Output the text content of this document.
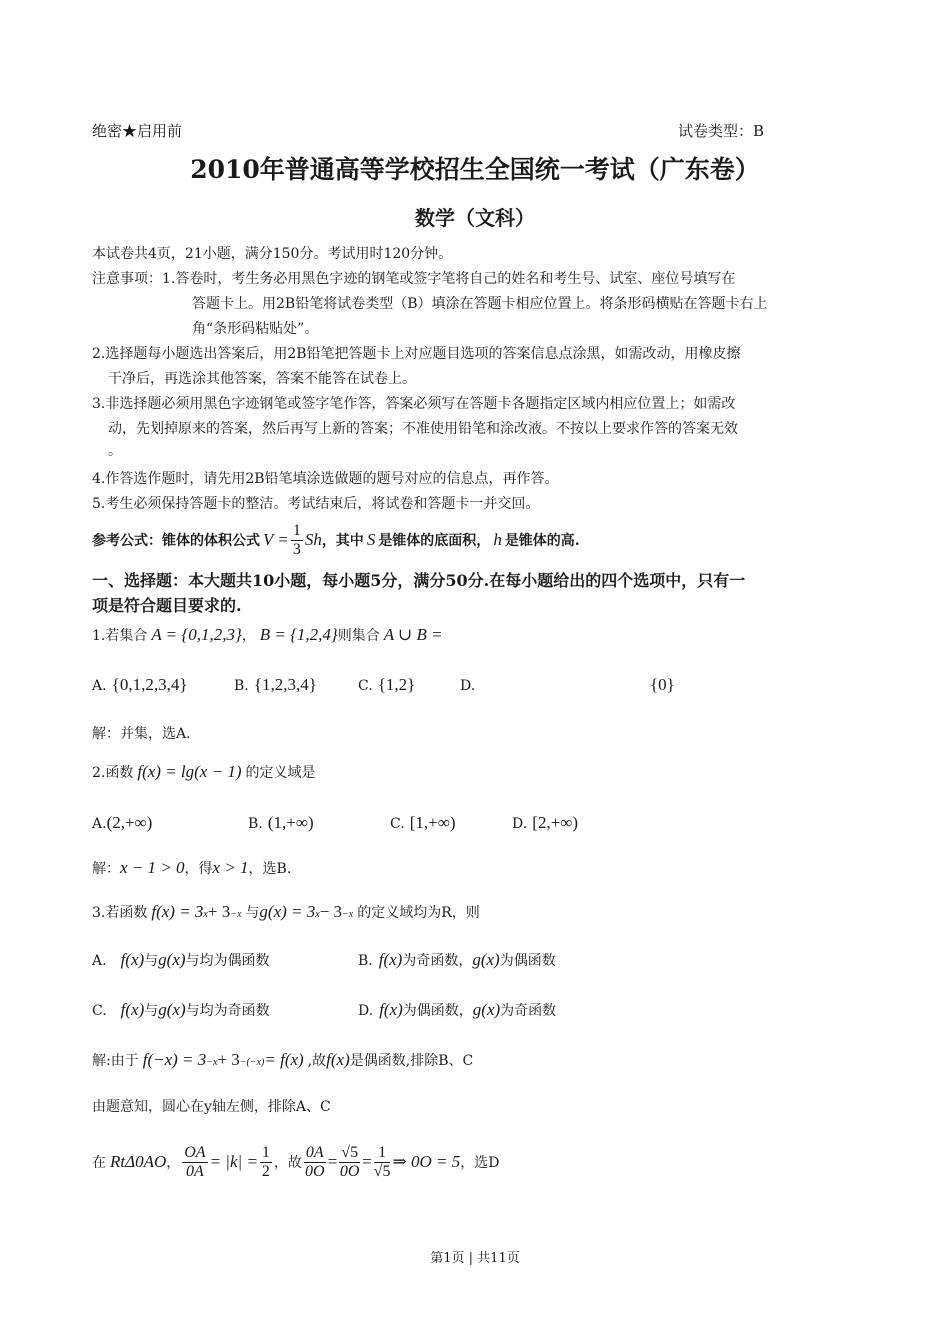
绝密★启用前	试卷类型：B
2010年普通高等学校招生全国统一考试（广东卷）
数学（文科）
本试卷共4页，21小题，满分150分。考试用时120分钟。
注意事项：1.答卷时，考生务必用黑色字迹的钢笔或签字笔将自己的姓名和考生号、试室、座位号填写在
答题卡上。用2B铅笔将试卷类型（B）填涂在答题卡相应位置上。将条形码横贴在答题卡右上
角“条形码粘贴处”。
2.选择题每小题选出答案后，用2B铅笔把答题卡上对应题目选项的答案信息点涂黑，如需改动，用橡皮擦
干净后，再选涂其他答案，答案不能答在试卷上。
3.非选择题必须用黑色字迹钢笔或签字笔作答，答案必须写在答题卡各题指定区域内相应位置上；如需改
动，先划掉原来的答案，然后再写上新的答案；不准使用铅笔和涂改液。不按以上要求作答的答案无效
。
4.作答选作题时，请先用2B铅笔填涂选做题的题号对应的信息点，再作答。
5.考生必须保持答题卡的整洁。考试结束后，将试卷和答题卡一并交回。
参考公式：锥体的体积公式 $V = \frac{1}{3}$ Sh ，其中 S 是锥体的底面积， h 是锥体的高.
一、选择题：本大题共10小题，每小题5分，满分50分.在每小题给出的四个选项中，只有一
项是符合题目要求的.
1.若集合 A = {0,1,2,3} ， B = {1,2,4} 则集合 A ∪ B =
A. {0,1,2,3,4}	B. {1,2,3,4}	C. {1,2}	D.	{0}
解：并集，选A.
2.函数 f(x) = lg(x − 1) 的定义域是
A.(2,+∞)	B. (1,+∞)	C. [1,+∞)	D. [2,+∞)
解： x − 1 > 0 ，得 x > 1 ，选B.
3.若函数 f(x) = 3 x + 3 −x 与 g(x) = 3 x − 3 −x 的定义域均为R，则
A. f(x) 与 g(x) 与均为偶函数	B. f(x) 为奇函数， g(x) 为偶函数
C. f(x) 与 g(x) 与均为奇函数	D. f(x) 为偶函数， g(x) 为奇函数
解:由于 f(−x) = 3 −x + 3 −(−x) = f(x) ,故 f(x) 是偶函数,排除B、C
由题意知，圆心在y轴左侧，排除A、C
在 RtΔ0AO ， $\frac{OA}{0A} = |k| = \frac{1}{2}$ ，故 $\frac{0A}{0O} = \frac{√5}{0O} = \frac{1}{√5}$ ⇒ 0O = 5 ，选D
第1页 | 共11页
